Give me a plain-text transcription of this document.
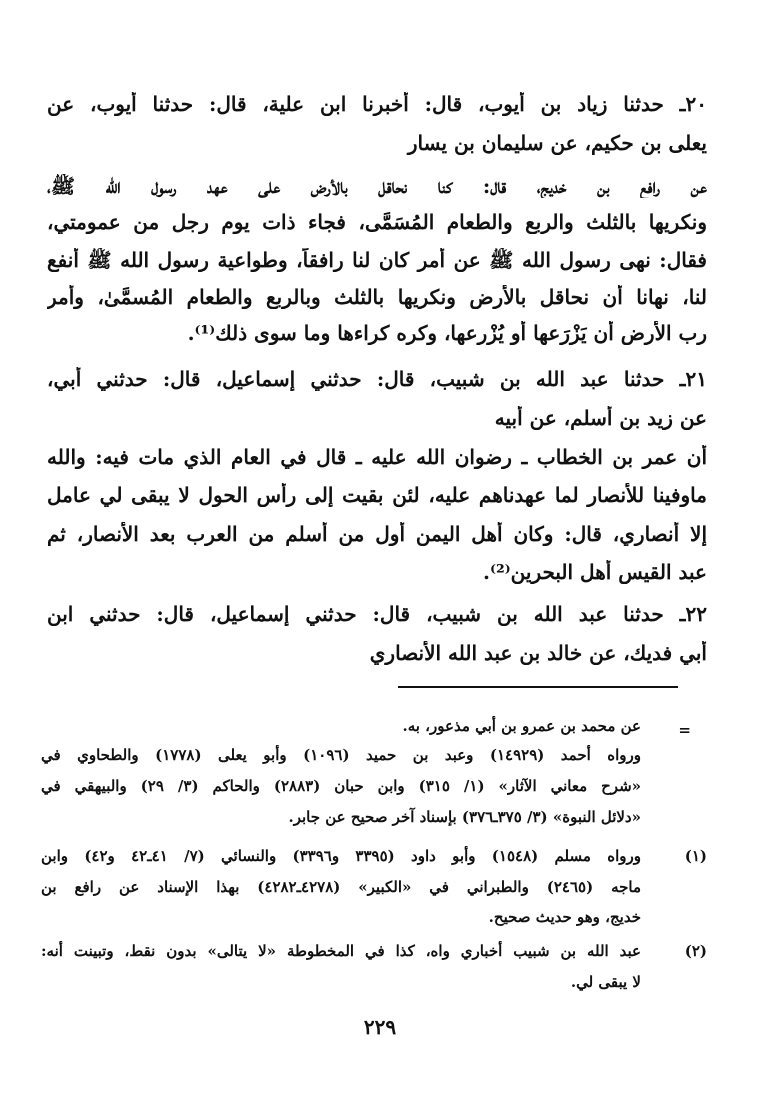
٢٠ـ حدثنا زياد بن أيوب، قال: أخبرنا ابن علية، قال: حدثنا أيوب، عن
يعلى بن حكيم، عن سليمان بن يسار
عن رافع بن خديج، قال: كنا نحاقل بالأرض على عهد رسول الله ﷺ،
ونكريها بالثلث والربع والطعام المُسَمَّى، فجاء ذات يوم رجل من عمومتي،
فقال: نهى رسول الله ﷺ عن أمر كان لنا رافقاً، وطواعية رسول الله ﷺ أنفع
لنا، نهانا أن نحاقل بالأرض ونكريها بالثلث وبالربع والطعام المُسمَّىٰ، وأمر
رب الأرض أن يَزْرَعها أو يُزْرِعها، وكره كراءها وما سوى ذلك⁽¹⁾.
٢١ـ حدثنا عبد الله بن شبيب، قال: حدثني إسماعيل، قال: حدثني أبي،
عن زيد بن أسلم، عن أبيه
أن عمر بن الخطاب ـ رضوان الله عليه ـ قال في العام الذي مات فيه: والله
ماوفينا للأنصار لما عهدناهم عليه، لئن بقيت إلى رأس الحول لا يبقى لي عامل
إلا أنصاري، قال: وكان أهل اليمن أول من أسلم من العرب بعد الأنصار، ثم
عبد القيس أهل البحرين⁽²⁾.
٢٢ـ حدثنا عبد الله بن شبيب، قال: حدثني إسماعيل، قال: حدثني ابن
أبي فديك، عن خالد بن عبد الله الأنصاري
=
عن محمد بن عمرو بن أبي مذعور، به.
ورواه أحمد (١٤٩٢٩) وعبد بن حميد (١٠٩٦) وأبو يعلى (١٧٧٨) والطحاوي في
«شرح معاني الآثار» (١/ ٣١٥) وابن حبان (٢٨٨٣) والحاكم (٣/ ٢٩) والبيهقي في
«دلائل النبوة» (٣/ ٣٧٥ـ٣٧٦) بإسناد آخر صحيح عن جابر.
(١)
ورواه مسلم (١٥٤٨) وأبو داود (٣٣٩٥ و٣٣٩٦) والنسائي (٧/ ٤١ـ٤٢ و٤٢) وابن
ماجه (٢٤٦٥) والطبراني في «الكبير» (٤٢٧٨ـ٤٢٨٢) بهذا الإسناد عن رافع بن
خديج، وهو حديث صحيح.
(٢)
عبد الله بن شبيب أخباري واه، كذا في المخطوطة «لا يتالى» بدون نقط، وتبينت أنه:
لا يبقى لي.
٢٢٩
